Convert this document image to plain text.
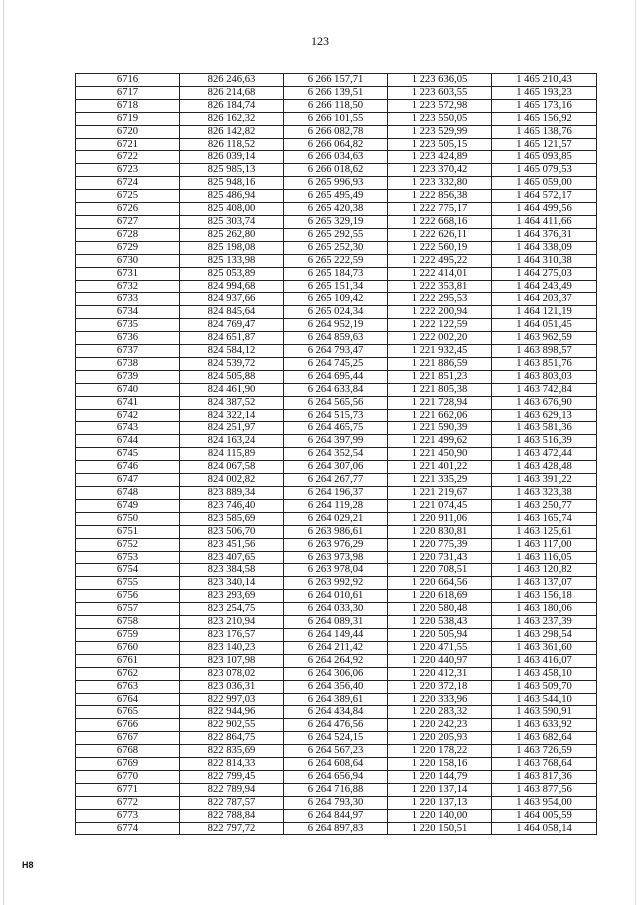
123
6716	826 246,63	6 266 157,71	1 223 636,05	1 465 210,43
6717	826 214,68	6 266 139,51	1 223 603,55	1 465 193,23
6718	826 184,74	6 266 118,50	1 223 572,98	1 465 173,16
6719	826 162,32	6 266 101,55	1 223 550,05	1 465 156,92
6720	826 142,82	6 266 082,78	1 223 529,99	1 465 138,76
6721	826 118,52	6 266 064,82	1 223 505,15	1 465 121,57
6722	826 039,14	6 266 034,63	1 223 424,89	1 465 093,85
6723	825 985,13	6 266 018,62	1 223 370,42	1 465 079,53
6724	825 948,16	6 265 996,93	1 223 332,80	1 465 059,00
6725	825 486,94	6 265 495,49	1 222 856,38	1 464 572,17
6726	825 408,00	6 265 420,38	1 222 775,17	1 464 499,56
6727	825 303,74	6 265 329,19	1 222 668,16	1 464 411,66
6728	825 262,80	6 265 292,55	1 222 626,11	1 464 376,31
6729	825 198,08	6 265 252,30	1 222 560,19	1 464 338,09
6730	825 133,98	6 265 222,59	1 222 495,22	1 464 310,38
6731	825 053,89	6 265 184,73	1 222 414,01	1 464 275,03
6732	824 994,68	6 265 151,34	1 222 353,81	1 464 243,49
6733	824 937,66	6 265 109,42	1 222 295,53	1 464 203,37
6734	824 845,64	6 265 024,34	1 222 200,94	1 464 121,19
6735	824 769,47	6 264 952,19	1 222 122,59	1 464 051,45
6736	824 651,87	6 264 859,63	1 222 002,20	1 463 962,59
6737	824 584,12	6 264 793,47	1 221 932,45	1 463 898,57
6738	824 539,72	6 264 745,25	1 221 886,59	1 463 851,76
6739	824 505,88	6 264 695,44	1 221 851,23	1 463 803,03
6740	824 461,90	6 264 633,84	1 221 805,38	1 463 742,84
6741	824 387,52	6 264 565,56	1 221 728,94	1 463 676,90
6742	824 322,14	6 264 515,73	1 221 662,06	1 463 629,13
6743	824 251,97	6 264 465,75	1 221 590,39	1 463 581,36
6744	824 163,24	6 264 397,99	1 221 499,62	1 463 516,39
6745	824 115,89	6 264 352,54	1 221 450,90	1 463 472,44
6746	824 067,58	6 264 307,06	1 221 401,22	1 463 428,48
6747	824 002,82	6 264 267,77	1 221 335,29	1 463 391,22
6748	823 889,34	6 264 196,37	1 221 219,67	1 463 323,38
6749	823 746,40	6 264 119,28	1 221 074,45	1 463 250,77
6750	823 585,69	6 264 029,21	1 220 911,06	1 463 165,74
6751	823 506,70	6 263 986,61	1 220 830,81	1 463 125,61
6752	823 451,56	6 263 976,29	1 220 775,39	1 463 117,00
6753	823 407,65	6 263 973,98	1 220 731,43	1 463 116,05
6754	823 384,58	6 263 978,04	1 220 708,51	1 463 120,82
6755	823 340,14	6 263 992,92	1 220 664,56	1 463 137,07
6756	823 293,69	6 264 010,61	1 220 618,69	1 463 156,18
6757	823 254,75	6 264 033,30	1 220 580,48	1 463 180,06
6758	823 210,94	6 264 089,31	1 220 538,43	1 463 237,39
6759	823 176,57	6 264 149,44	1 220 505,94	1 463 298,54
6760	823 140,23	6 264 211,42	1 220 471,55	1 463 361,60
6761	823 107,98	6 264 264,92	1 220 440,97	1 463 416,07
6762	823 078,02	6 264 306,06	1 220 412,31	1 463 458,10
6763	823 036,31	6 264 356,40	1 220 372,18	1 463 509,70
6764	822 997,03	6 264 389,61	1 220 333,96	1 463 544,10
6765	822 944,96	6 264 434,84	1 220 283,32	1 463 590,91
6766	822 902,55	6 264 476,56	1 220 242,23	1 463 633,92
6767	822 864,75	6 264 524,15	1 220 205,93	1 463 682,64
6768	822 835,69	6 264 567,23	1 220 178,22	1 463 726,59
6769	822 814,33	6 264 608,64	1 220 158,16	1 463 768,64
6770	822 799,45	6 264 656,94	1 220 144,79	1 463 817,36
6771	822 789,94	6 264 716,88	1 220 137,14	1 463 877,56
6772	822 787,57	6 264 793,30	1 220 137,13	1 463 954,00
6773	822 788,84	6 264 844,97	1 220 140,00	1 464 005,59
6774	822 797,72	6 264 897,83	1 220 150,51	1 464 058,14
Н8
